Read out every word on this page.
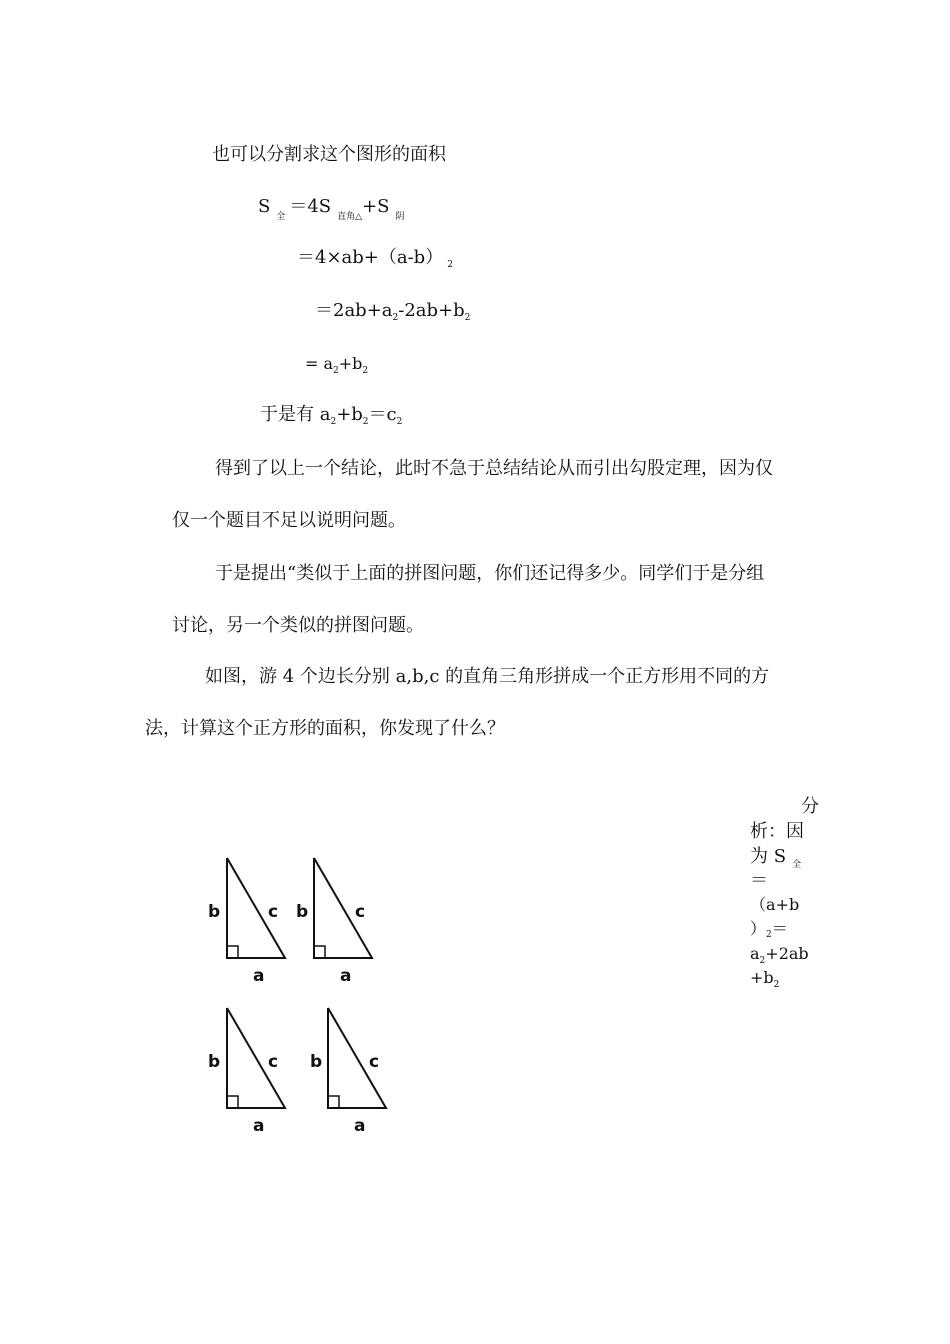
也可以分割求这个图形的面积
S $_全$ ＝4S $_{直角\triangle}$+S $_阴$
＝4×ab+（a-b） $_2$
$=2ab+a_2-2ab+b_2$
= $a_2+b_2$
于是有 $a_2+b_2=c_2$
得到了以上一个结论，此时不急于总结结论从而引出勾股定理，因为仅
仅一个题目不足以说明问题。
于是提出“类似于上面的拼图问题，你们还记得多少。同学们于是分组
讨论，另一个类似的拼图问题。
如图，游 4 个边长分别 a,b,c 的直角三角形拼成一个正方形用不同的方
法，计算这个正方形的面积，你发现了什么？
分
析：因
为 S $_全$
＝
（a+b
）2＝
$a_2+2ab$
$+b_2$
b	c
a
b	c
a
b	c
a
b	c
a
